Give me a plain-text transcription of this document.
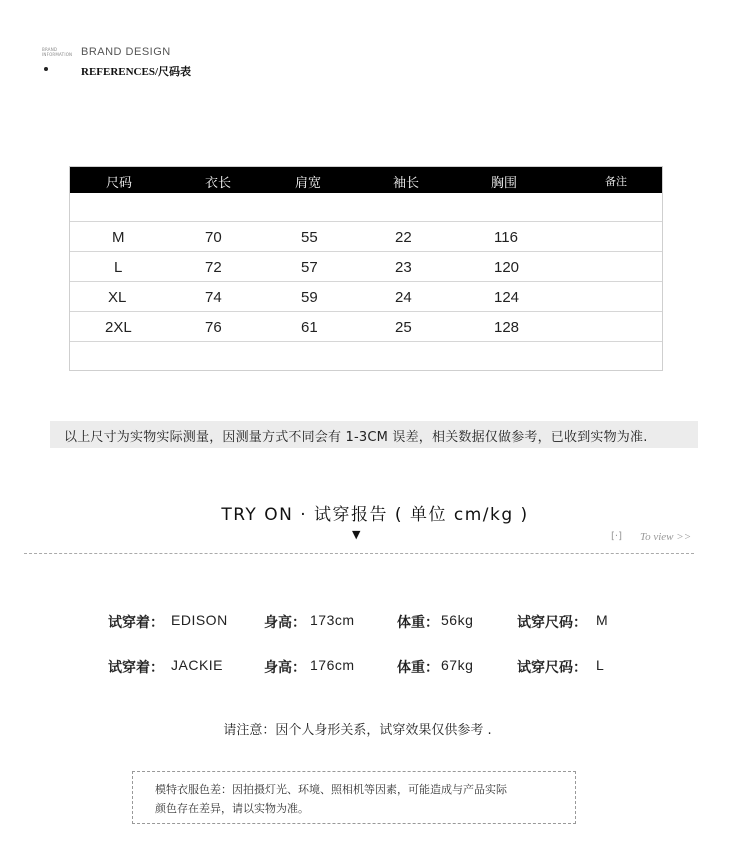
BRAND
INFORMATION BRAND DESIGN
REFERENCES/尺码表
尺码	衣长	肩宽	袖长	胸围	备注
M	70	55	22	116
L	72	57	23	120
XL	74	59	24	124
2XL	76	61	25	128
以上尺寸为实物实际测量，因测量方式不同会有 1-3CM 误差，相关数据仅做参考，已收到实物为准.
TRY ON · 试穿报告 ( 单位 cm/kg )
▼	[·] To view >>
试穿着： EDISON	身高： 173cm	体重： 56kg	试穿尺码： M
试穿着： JACKIE	身高： 176cm	体重： 67kg	试穿尺码： L
请注意：因个人身形关系，试穿效果仅供参考 .
模特衣服色差：因拍摄灯光、环境、照相机等因素，可能造成与产品实际
颜色存在差异，请以实物为准。
